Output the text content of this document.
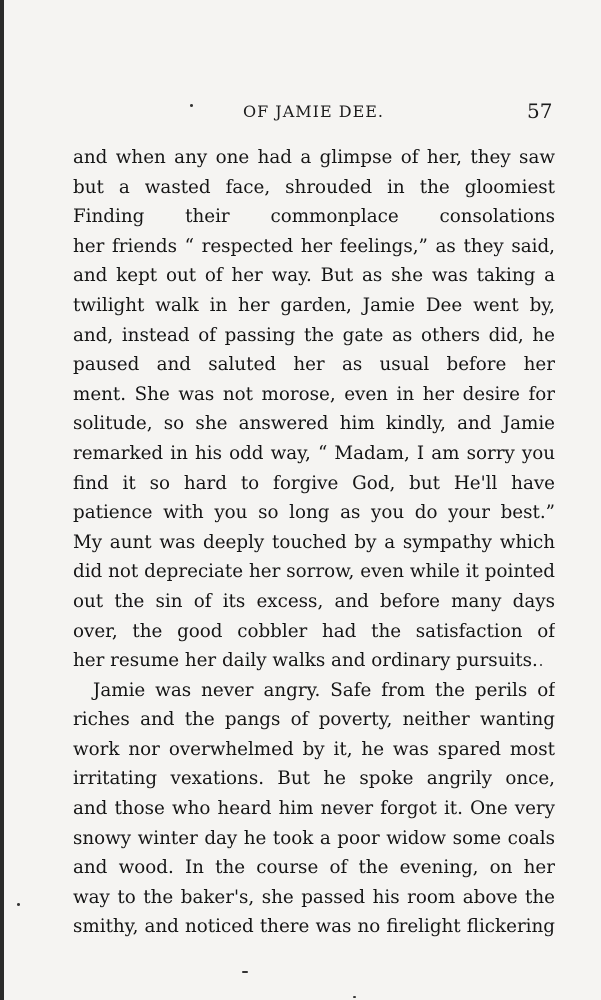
OF JAMIE DEE.	57
and when any one had a glimpse of her, they saw
but a wasted face, shrouded in the gloomiest
Finding their commonplace consolations
her friends “ respected her feelings,” as they said,
and kept out of her way. But as she was taking a
twilight walk in her garden, Jamie Dee went by,
and, instead of passing the gate as others did, he
paused and saluted her as usual before her
ment. She was not morose, even in her desire for
solitude, so she answered him kindly, and Jamie
remarked in his odd way, “ Madam, I am sorry you
find it so hard to forgive God, but He'll have
patience with you so long as you do your best.”
My aunt was deeply touched by a sympathy which
did not depreciate her sorrow, even while it pointed
out the sin of its excess, and before many days
over, the good cobbler had the satisfaction of
her resume her daily walks and ordinary pursuits.
Jamie was never angry. Safe from the perils of
riches and the pangs of poverty, neither wanting
work nor overwhelmed by it, he was spared most
irritating vexations. But he spoke angrily once,
and those who heard him never forgot it. One very
snowy winter day he took a poor widow some coals
and wood. In the course of the evening, on her
way to the baker's, she passed his room above the
smithy, and noticed there was no firelight flickering
